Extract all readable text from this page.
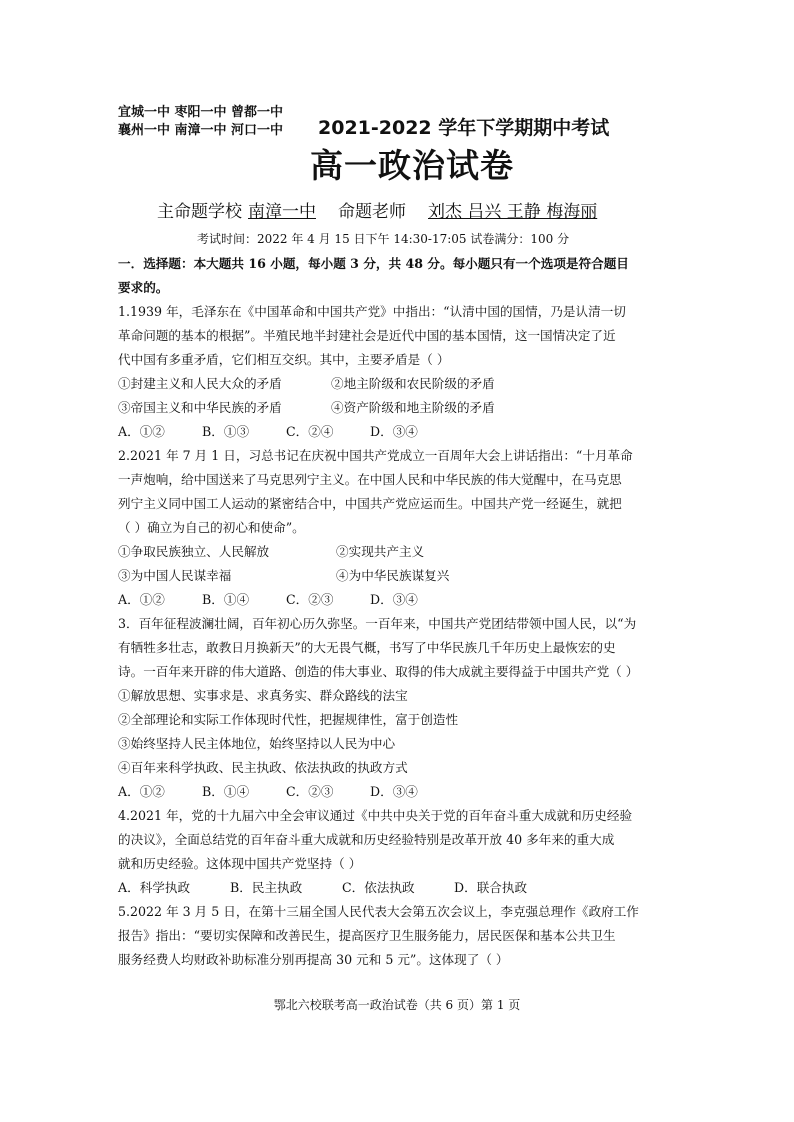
宜城一中 枣阳一中 曾都一中
襄州一中 南漳一中 河口一中 2021-2022 学年下学期期中考试
高一政治试卷
主命题学校 南漳一中 命题老师 刘杰 吕兴 王静 梅海丽
考试时间：2022 年 4 月 15 日下午 14:30-17:05 试卷满分：100 分

一．选择题：本大题共 16 小题，每小题 3 分，共 48 分。每小题只有一个选项是符合题目

要求的。

1.1939 年，毛泽东在《中国革命和中国共产党》中指出：“认清中国的国情，乃是认清一切

革命问题的基本的根据”。半殖民地半封建社会是近代中国的基本国情，这一国情决定了近

代中国有多重矛盾，它们相互交织。其中，主要矛盾是（ ）

①封建主义和人民大众的矛盾	②地主阶级和农民阶级的矛盾
③帝国主义和中华民族的矛盾	④资产阶级和地主阶级的矛盾
A．①②	B．①③	C．②④	D．③④

2.2021 年 7 月 1 日，习总书记在庆祝中国共产党成立一百周年大会上讲话指出：“十月革命

一声炮响，给中国送来了马克思列宁主义。在中国人民和中华民族的伟大觉醒中，在马克思

列宁主义同中国工人运动的紧密结合中，中国共产党应运而生。中国共产党一经诞生，就把

（ ）确立为自己的初心和使命”。

①争取民族独立、人民解放	②实现共产主义
③为中国人民谋幸福	④为中华民族谋复兴
A．①②	B．①④	C．②③	D．③④

3．百年征程波澜壮阔，百年初心历久弥坚。一百年来，中国共产党团结带领中国人民，以“为

有牺牲多壮志，敢教日月换新天”的大无畏气概，书写了中华民族几千年历史上最恢宏的史

诗。一百年来开辟的伟大道路、创造的伟大事业、取得的伟大成就主要得益于中国共产党（ ）

①解放思想、实事求是、求真务实、群众路线的法宝

②全部理论和实际工作体现时代性，把握规律性，富于创造性

③始终坚持人民主体地位，始终坚持以人民为中心

④百年来科学执政、民主执政、依法执政的执政方式

A．①②	B．①④	C．②③	D．③④

4.2021 年，党的十九届六中全会审议通过《中共中央关于党的百年奋斗重大成就和历史经验

的决议》，全面总结党的百年奋斗重大成就和历史经验特别是改革开放 40 多年来的重大成

就和历史经验。这体现中国共产党坚持（ ）

A．科学执政	B．民主执政	C．依法执政	D．联合执政

5.2022 年 3 月 5 日，在第十三届全国人民代表大会第五次会议上，李克强总理作《政府工作

报告》指出：“要切实保障和改善民生，提高医疗卫生服务能力，居民医保和基本公共卫生

服务经费人均财政补助标准分别再提高 30 元和 5 元”。这体现了（ ）

鄂北六校联考高一政治试卷（共 6 页）第 1 页
